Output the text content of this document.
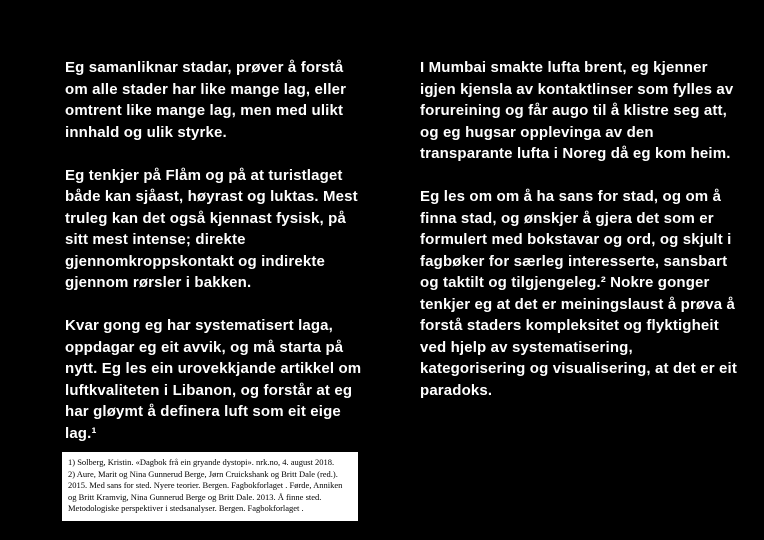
Eg samanliknar stadar, prøver å forstå om alle stader har like mange lag, eller omtrent like mange lag, men med ulikt innhald og ulik styrke.

Eg tenkjer på Flåm og på at turistlaget både kan sjåast, høyrast og luktas. Mest truleg kan det også kjennast fysisk, på sitt mest intense; direkte gjennomkroppskontakt og indirekte gjennom rørsler i bakken.

Kvar gong eg har systematisert laga, oppdagar eg eit avvik, og må starta på nytt. Eg les ein urovekkjande artikkel om luftkvaliteten i Libanon, og forstår at eg har gløymt å definera luft som eit eige lag.¹

I Mumbai smakte lufta brent, eg kjenner igjen kjensla av kontaktlinser som fylles av forureining og får augo til å klistre seg att, og eg hugsar opplevinga av den transparante lufta i Noreg då eg kom heim.

Eg les om om å ha sans for stad, og om å finna stad, og ønskjer å gjera det som er formulert med bokstavar og ord, og skjult i fagbøker for særleg interesserte, sansbart og taktilt og tilgjengeleg.² Nokre gonger tenkjer eg at det er meiningslaust å prøva å forstå staders kompleksitet og flyktigheit ved hjelp av systematisering, kategorisering og visualisering, at det er eit paradoks.

1) Solberg, Kristin. «Dagbok frå ein gryande dystopi». nrk.no, 4. august 2018.

2) Aure, Marit og Nina Gunnerud Berge, Jørn Cruickshank og Britt Dale (red.). 2015. Med sans for sted. Nyere teorier. Bergen. Fagbokforlaget . Førde, Anniken og Britt Kramvig, Nina Gunnerud Berge og Britt Dale. 2013. Å finne sted. Metodologiske perspektiver i stedsanalyser. Bergen. Fagbokforlaget .
